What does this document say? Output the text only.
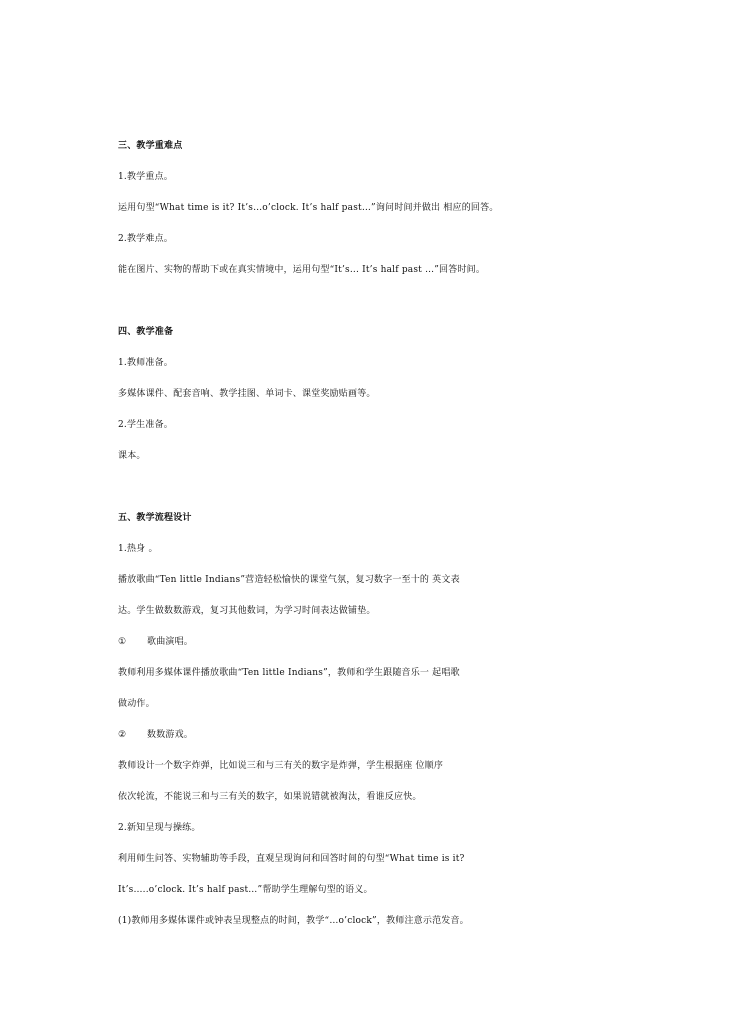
三、教学重难点
1.教学重点。
运用句型“What time is it? It’s…o’clock. It’s half past…”询问时间并做出 相应的回答。
2.教学难点。
能在图片、实物的帮助下或在真实情境中，运用句型“It’s... It’s half past ...”回答时间。
四、教学准备
1.教师准备。
多媒体课件、配套音响、教学挂图、单词卡、课堂奖励贴画等。
2.学生准备。
课本。
五、教学流程设计
1.热身 。
播放歌曲“Ten little Indians”营造轻松愉快的课堂气氛，复习数字一至十的 英文表
达。学生做数数游戏，复习其他数词，为学习时间表达做铺垫。
① 歌曲演唱。
教师利用多媒体课件播放歌曲“Ten little Indians”，教师和学生跟随音乐一 起唱歌
做动作。
② 数数游戏。
教师设计一个数字炸弹，比如说三和与三有关的数字是炸弹，学生根据座 位顺序
依次轮流，不能说三和与三有关的数字，如果说错就被淘汰，看谁反应快。
2.新知呈现与操练。
利用师生问答、实物辅助等手段，直观呈现询问和回答时间的句型“What time is it?
It’s…..o’clock. It’s half past…”帮助学生理解句型的语义。
(1)教师用多媒体课件或钟表呈现整点的时间，教学“…o’clock”，教师注意示范发音。
